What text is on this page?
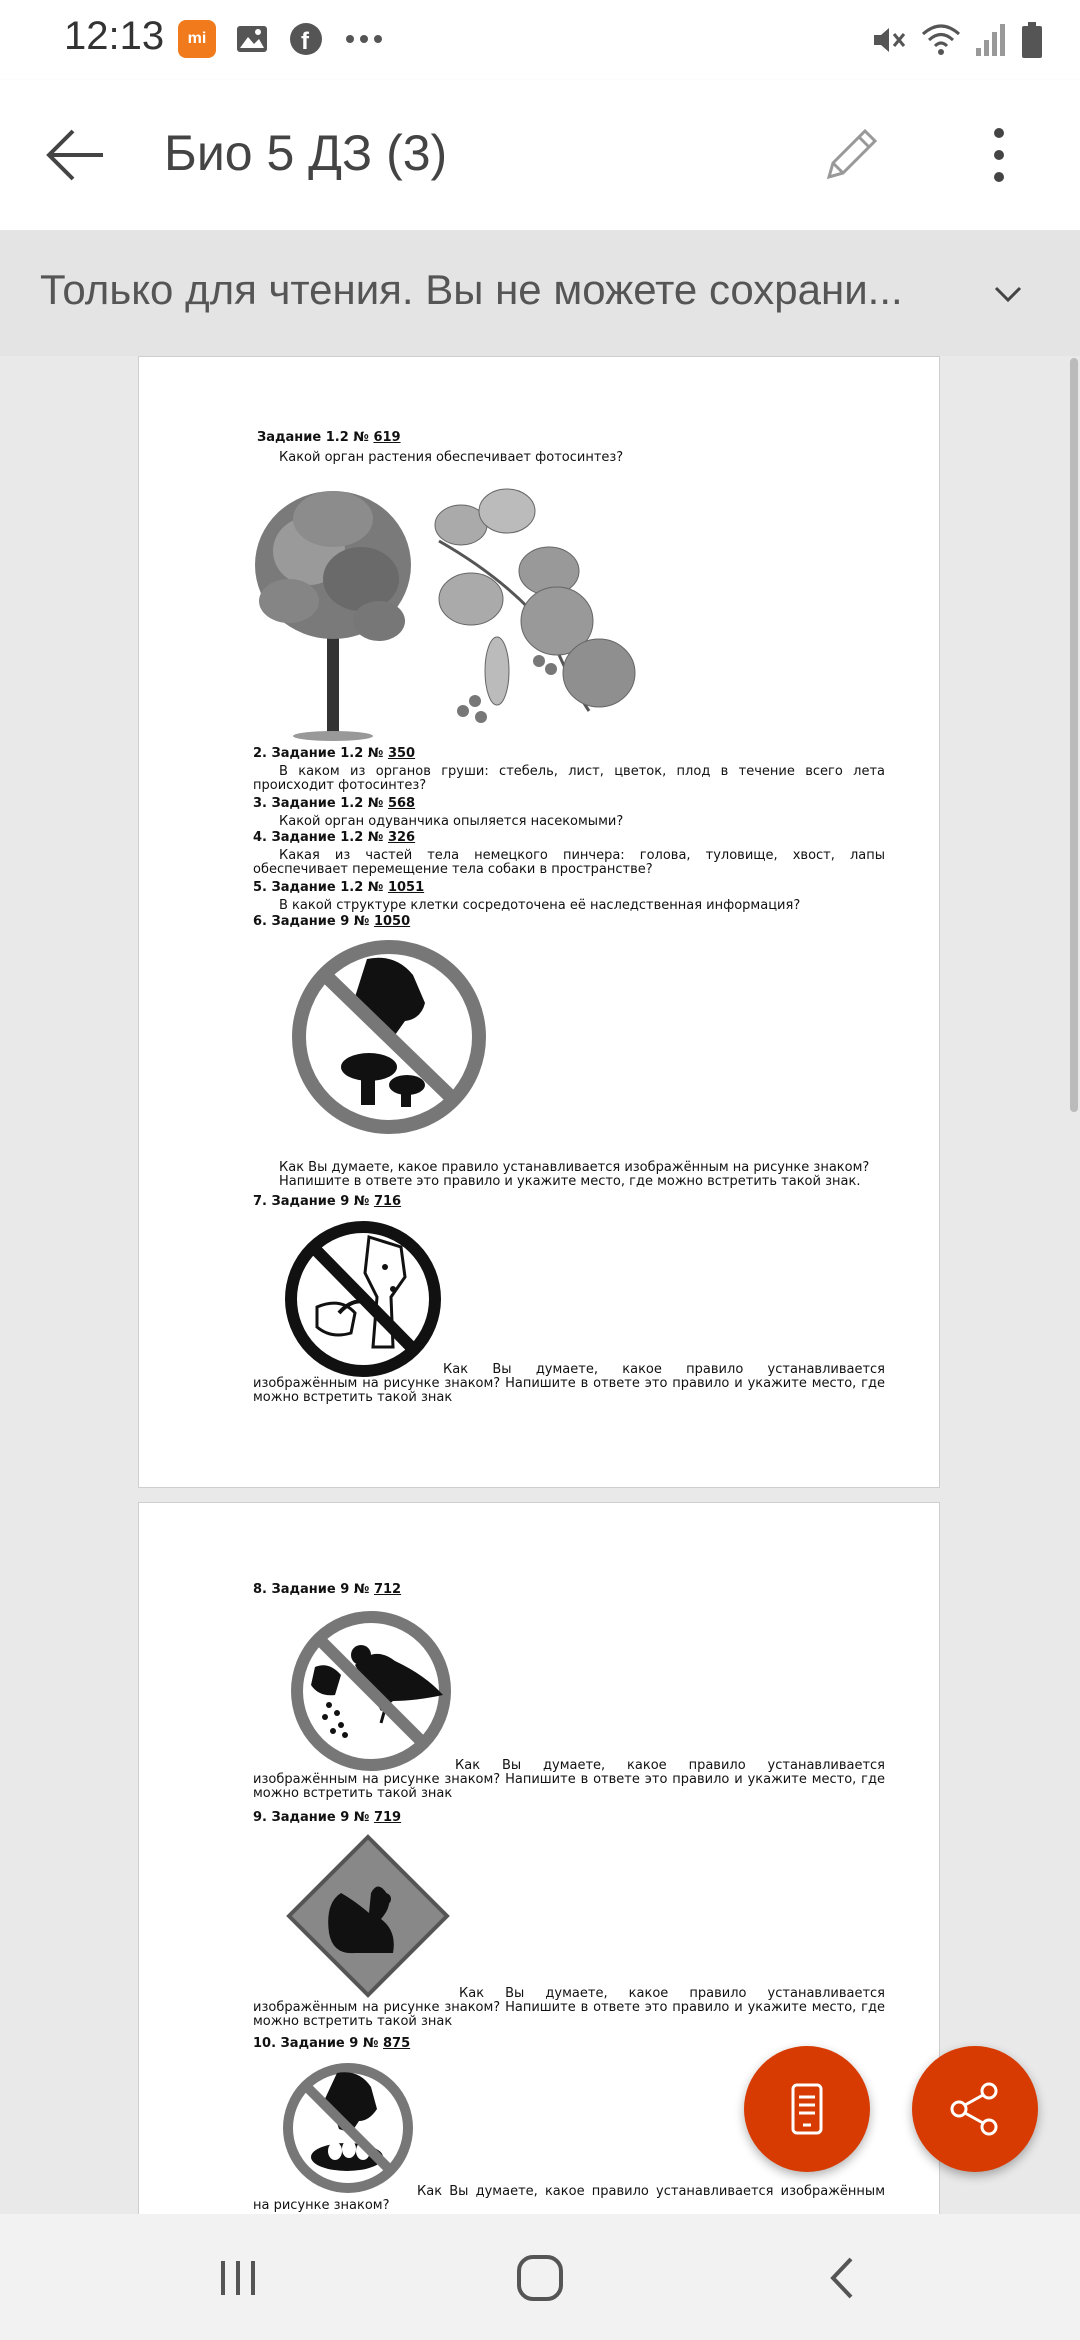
12:13	mi	f
Био 5 ДЗ (3)
Только для чтения. Вы не можете сохрани...
Задание 1.2 № 619
Какой орган растения обеспечивает фотосинтез?
2. Задание 1.2 № 350
В каком из органов груши: стебель, лист, цветок, плод в течение всего лета происходит фотосинтез?
3. Задание 1.2 № 568
Какой орган одуванчика опыляется насекомыми?
4. Задание 1.2 № 326
Какая из частей тела немецкого пинчера: голова, туловище, хвост, лапы обеспечивает перемещение тела собаки в пространстве?
5. Задание 1.2 № 1051
В какой структуре клетки сосредоточена её наследственная информация?
6. Задание 9 № 1050
Как Вы думаете, какое правило устанавливается изображённым на рисунке знаком?
Напишите в ответе это правило и укажите место, где можно встретить такой знак.
7. Задание 9 № 716
Как Вы думаете, какое правило устанавливается изображённым на рисунке знаком? Напишите в ответе это правило и укажите место, где можно встретить такой знак
8. Задание 9 № 712
Как Вы думаете, какое правило устанавливается изображённым на рисунке знаком? Напишите в ответе это правило и укажите место, где можно встретить такой знак
9. Задание 9 № 719
Как Вы думаете, какое правило устанавливается изображённым на рисунке знаком? Напишите в ответе это правило и укажите место, где можно встретить такой знак
10. Задание 9 № 875
Как Вы думаете, какое правило устанавливается изображённым на рисунке знаком?
